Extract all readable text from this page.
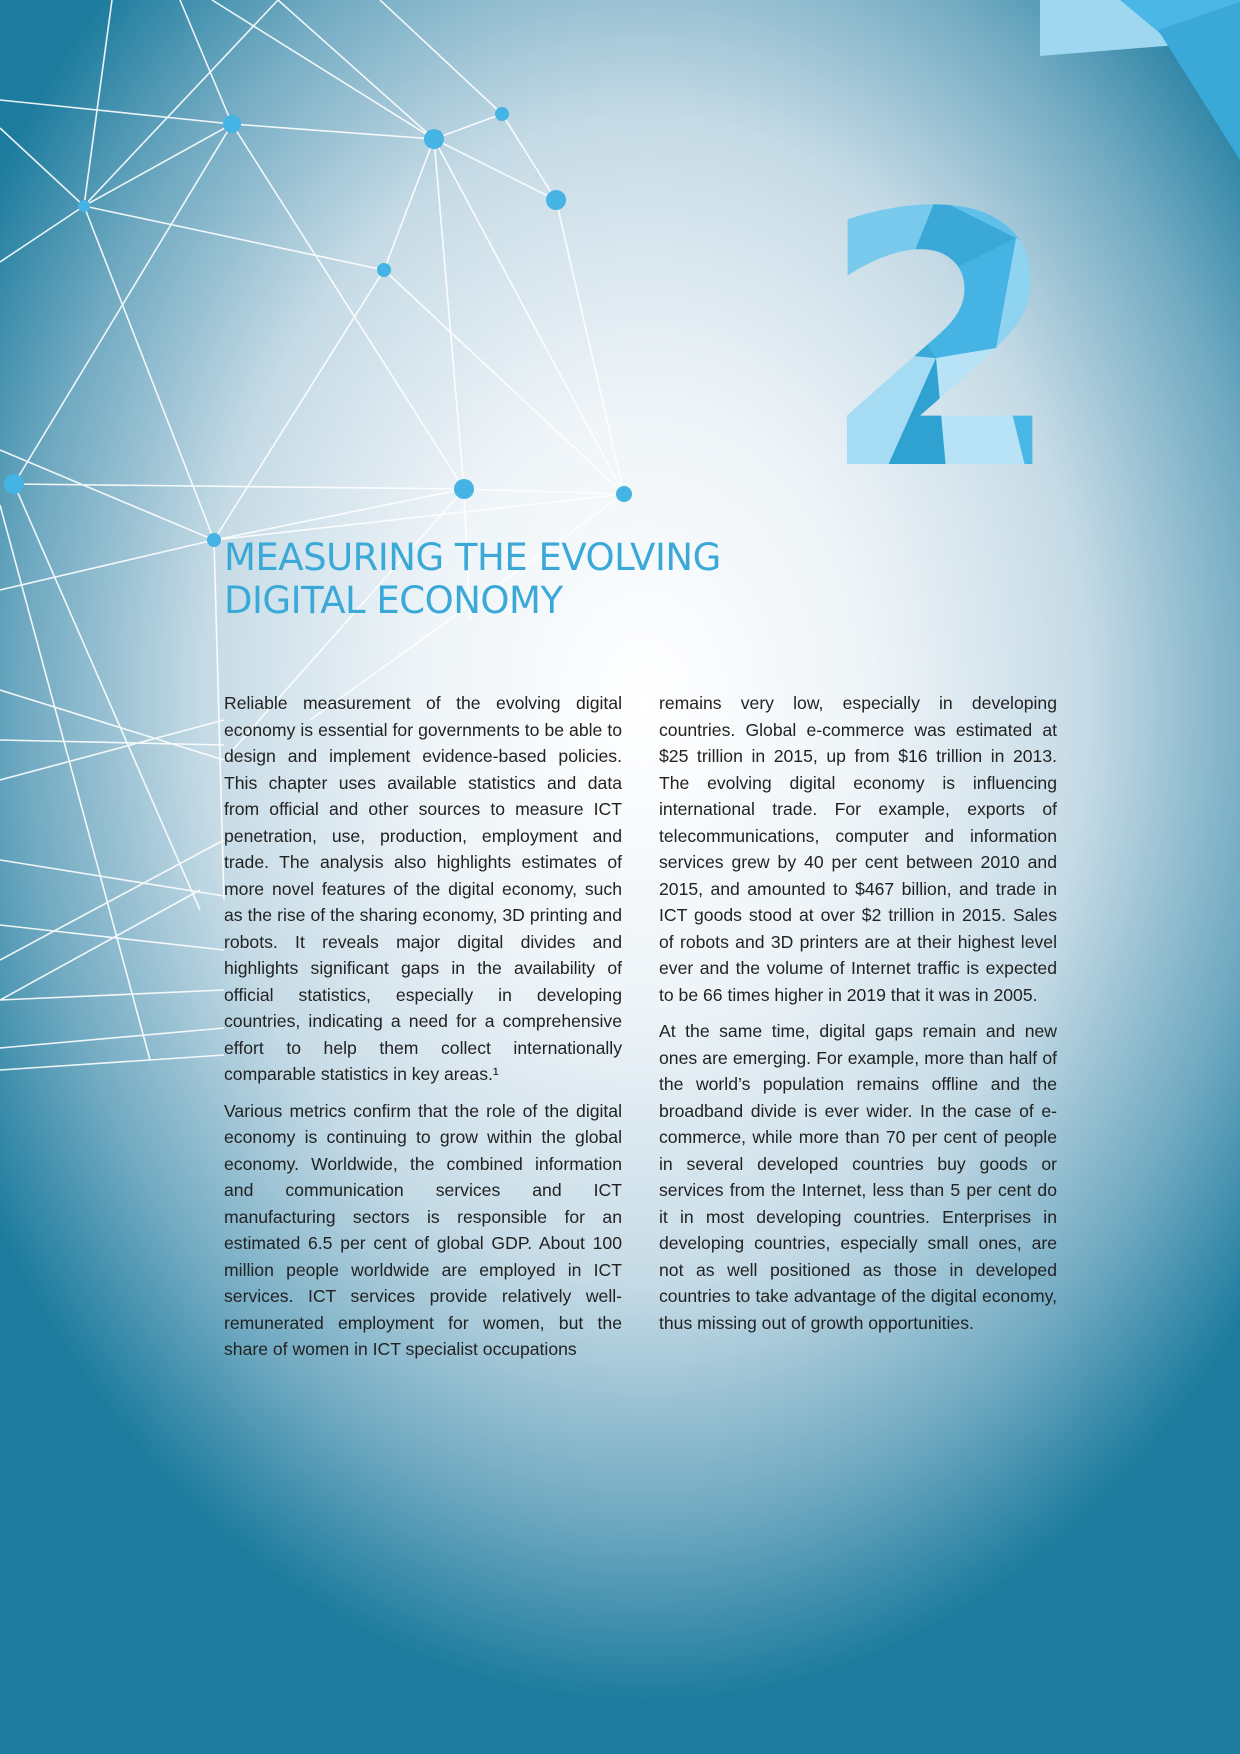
MEASURING THE EVOLVING
DIGITAL ECONOMY

Reliable measurement of the evolving digital economy is essential for governments to be able to design and implement evidence-based policies. This chapter uses available statistics and data from official and other sources to measure ICT penetration, use, production, employment and trade. The analysis also highlights estimates of more novel features of the digital economy, such as the rise of the sharing economy, 3D printing and robots. It reveals major digital divides and highlights significant gaps in the availability of official statistics, especially in developing countries, indicating a need for a comprehensive effort to help them collect internationally comparable statistics in key areas.¹

Various metrics confirm that the role of the digital economy is continuing to grow within the global economy. Worldwide, the combined information and communication services and ICT manufacturing sectors is responsible for an estimated 6.5 per cent of global GDP. About 100 million people worldwide are employed in ICT services. ICT services provide relatively well-remunerated employment for women, but the share of women in ICT specialist occupations

remains very low, especially in developing countries. Global e-commerce was estimated at $25 trillion in 2015, up from $16 trillion in 2013. The evolving digital economy is influencing international trade. For example, exports of telecommunications, computer and information services grew by 40 per cent between 2010 and 2015, and amounted to $467 billion, and trade in ICT goods stood at over $2 trillion in 2015. Sales of robots and 3D printers are at their highest level ever and the volume of Internet traffic is expected to be 66 times higher in 2019 that it was in 2005.

At the same time, digital gaps remain and new ones are emerging. For example, more than half of the world’s population remains offline and the broadband divide is ever wider. In the case of e-commerce, while more than 70 per cent of people in several developed countries buy goods or services from the Internet, less than 5 per cent do it in most developing countries. Enterprises in developing countries, especially small ones, are not as well positioned as those in developed countries to take advantage of the digital economy, thus missing out of growth opportunities.
